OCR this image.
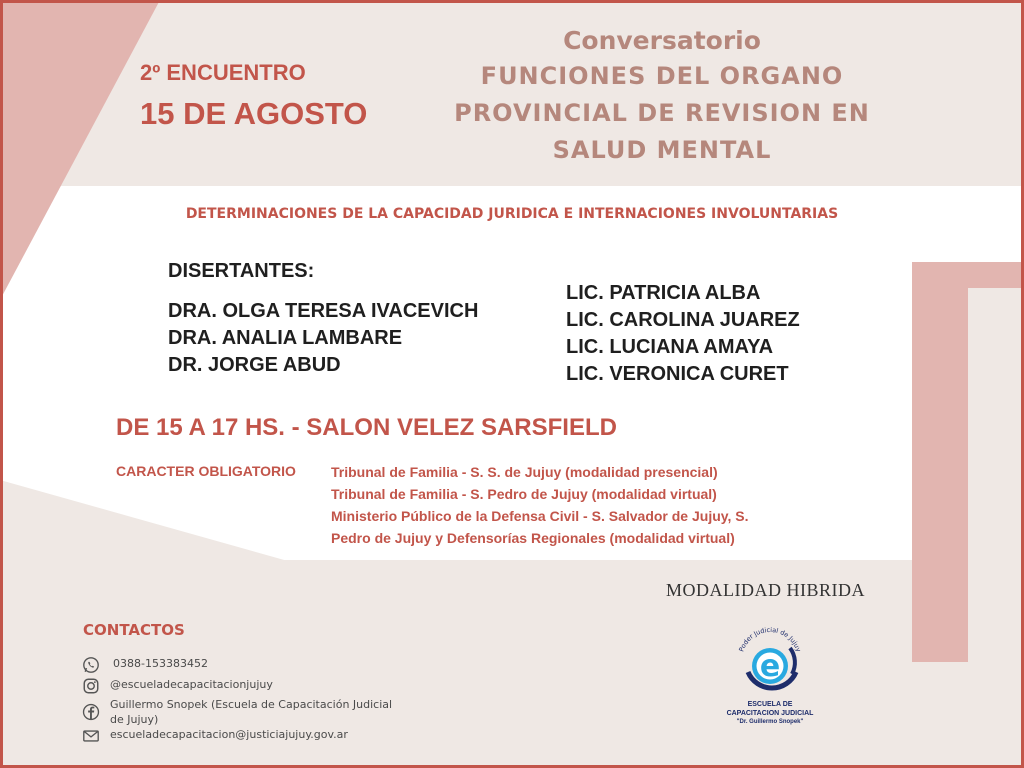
2º ENCUENTRO
15 DE AGOSTO
Conversatorio
FUNCIONES DEL ORGANO
PROVINCIAL DE REVISION EN
SALUD MENTAL
DETERMINACIONES DE LA CAPACIDAD JURIDICA E INTERNACIONES INVOLUNTARIAS
DISERTANTES:
DRA. OLGA TERESA IVACEVICH
DRA. ANALIA LAMBARE
DR. JORGE ABUD
LIC. PATRICIA ALBA
LIC. CAROLINA JUAREZ
LIC. LUCIANA AMAYA
LIC. VERONICA CURET
DE 15 A 17 HS. - SALON VELEZ SARSFIELD
CARACTER OBLIGATORIO	Tribunal de Familia - S. S. de Jujuy (modalidad presencial)
Tribunal de Familia - S. Pedro de Jujuy (modalidad virtual)
Ministerio Público de la Defensa Civil - S. Salvador de Jujuy, S.
Pedro de Jujuy y Defensorías Regionales (modalidad virtual)
MODALIDAD HIBRIDA
CONTACTOS
0388-153383452
@escueladecapacitacionjujuy
Guillermo Snopek (Escuela de Capacitación Judicial
de Jujuy)
escueladecapacitacion@justiciajujuy.gov.ar
Poder Judicial de Jujuy
e
ESCUELA DE
CAPACITACION JUDICIAL
"Dr. Guillermo Snopek"
